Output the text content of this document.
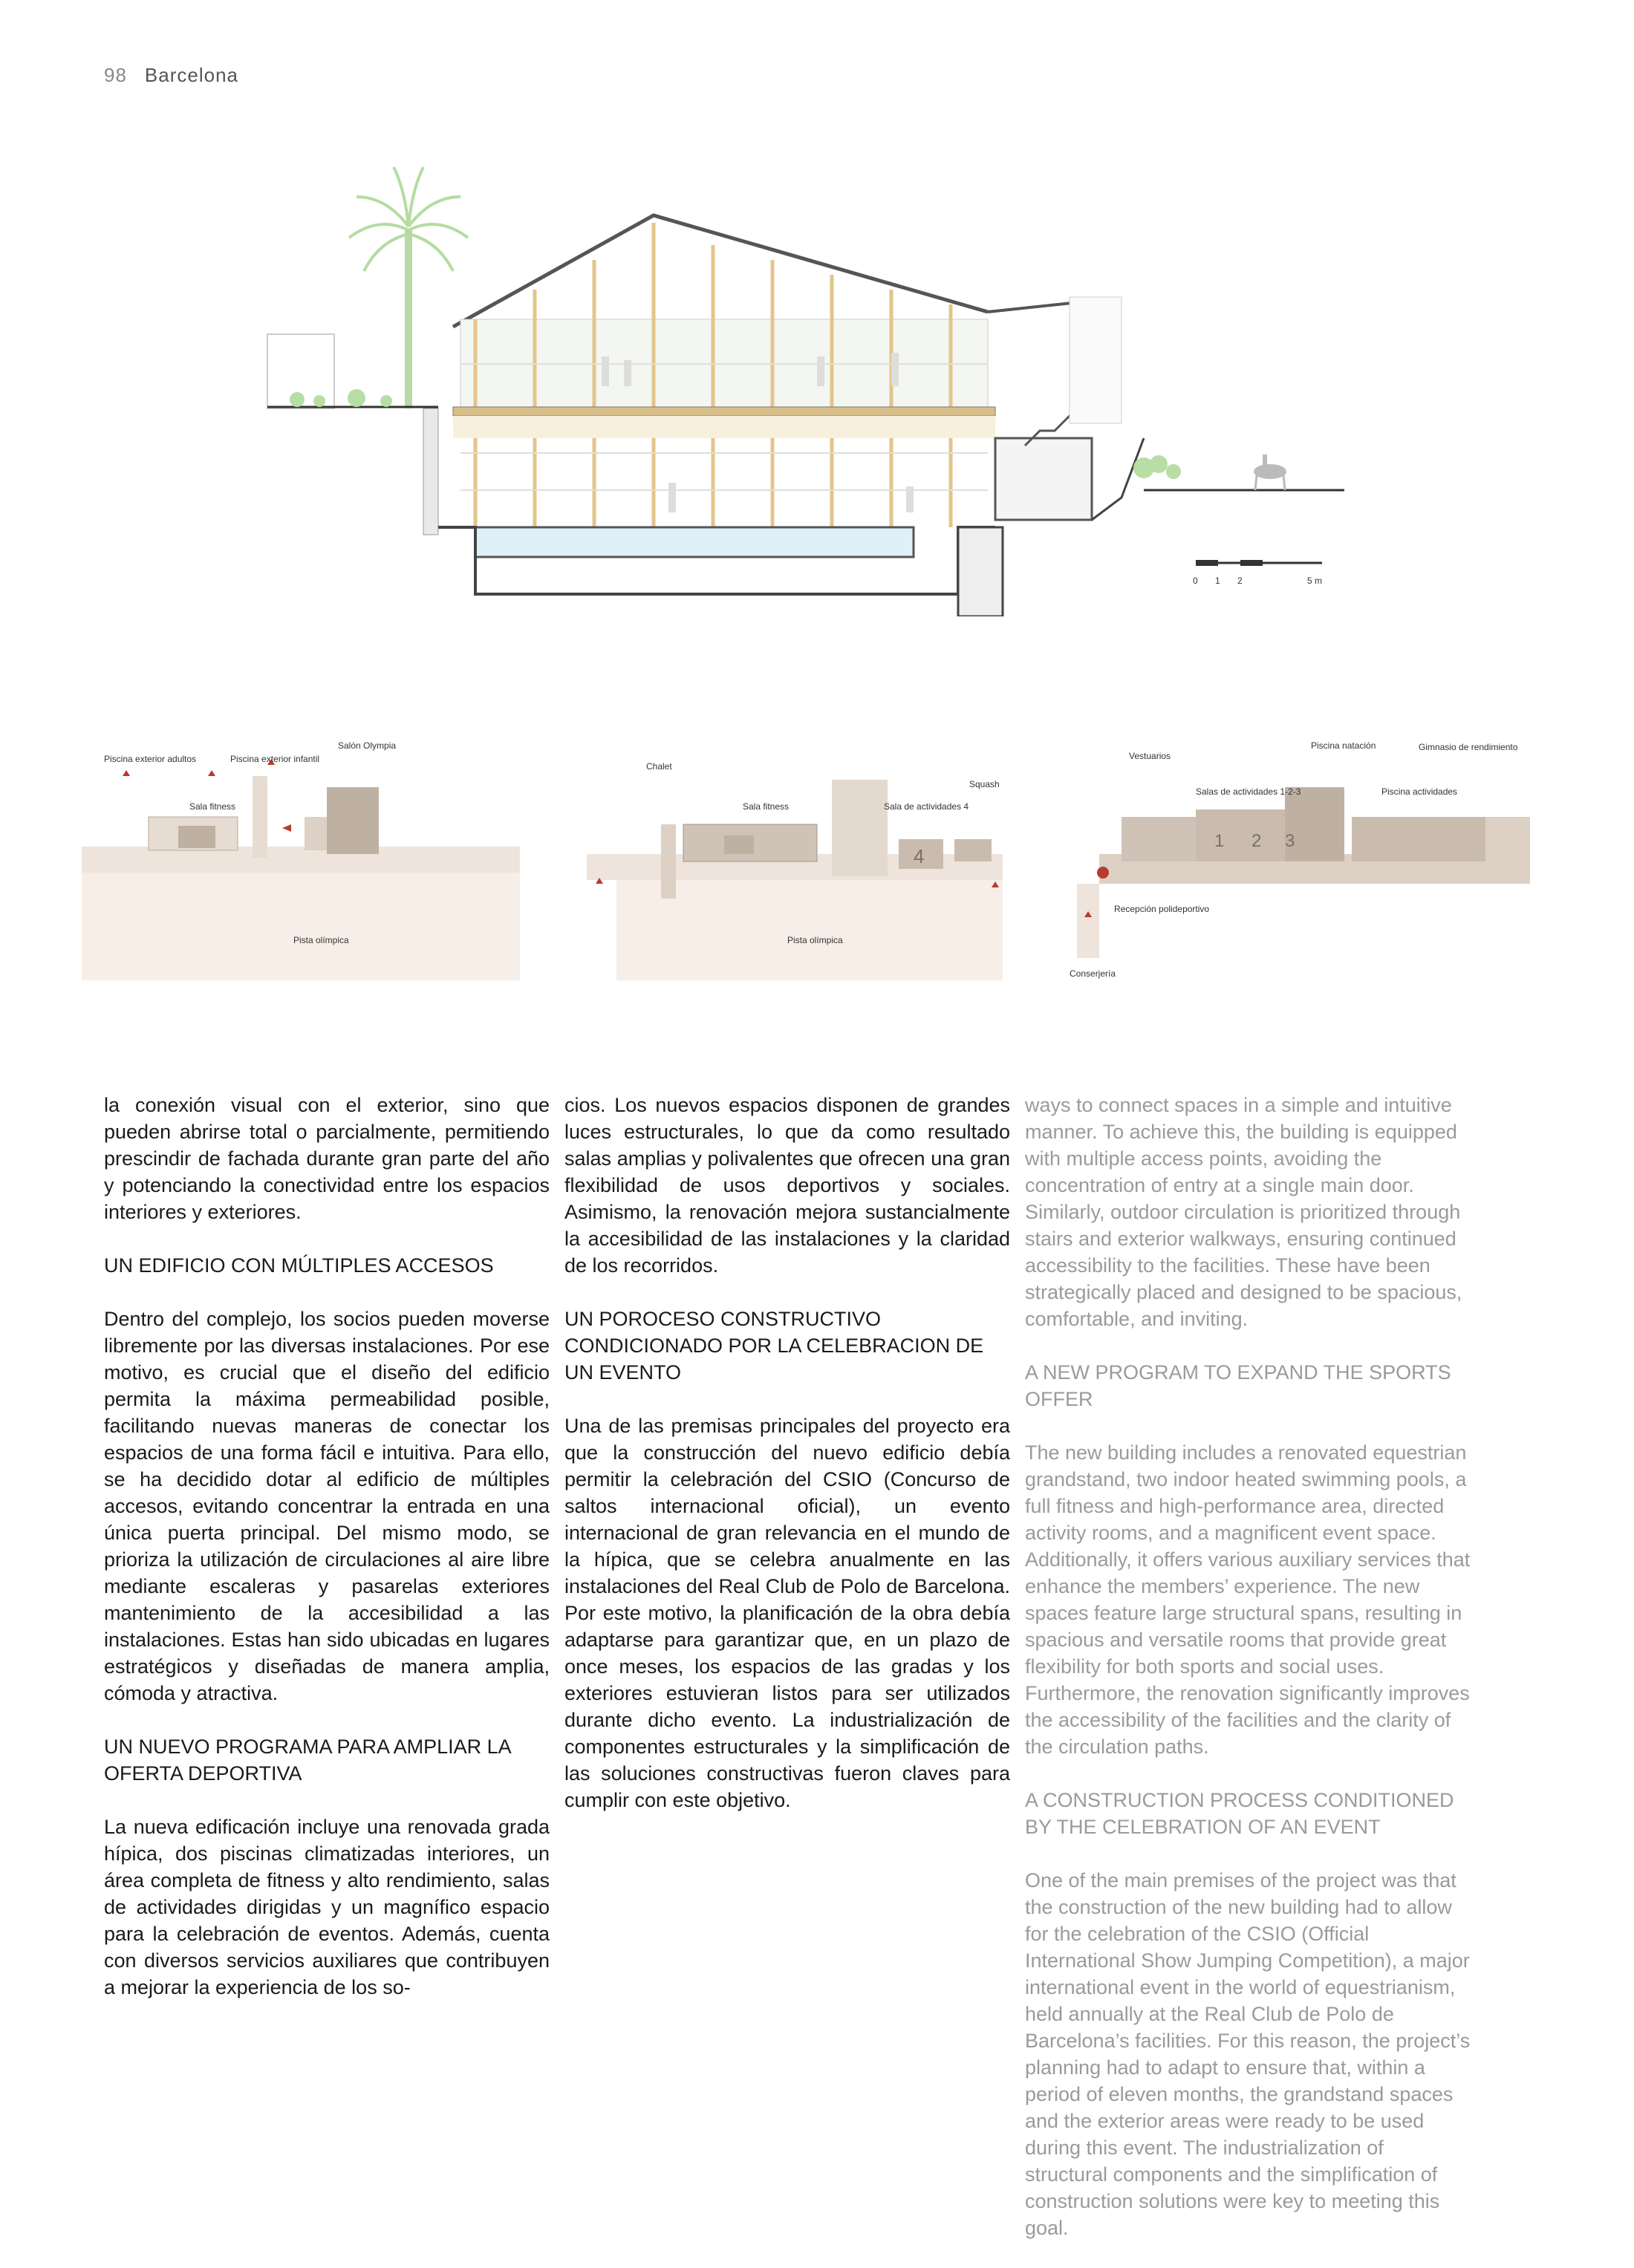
98 Barcelona
0 1 2	5 m
Piscina exterior adultos	Piscina exterior infantil
Salón Olympia
Sala fitness
Pista olímpica
Chalet
Squash
Sala fitness	Sala de actividades 4
Pista olímpica
4
Vestuarios
Piscina natación	Gimnasio de rendimiento
Salas de actividades 1-2-3	Piscina actividades
Recepción polideportivo
Conserjería
1 2 3

la conexión visual con el exterior, sino que pueden abrirse total o parcialmente, permitiendo prescindir de fachada durante gran parte del año y potenciando la conectividad entre los espacios interiores y exteriores.

UN EDIFICIO CON MÚLTIPLES ACCESOS

Dentro del complejo, los socios pueden moverse libremente por las diversas instalaciones. Por ese motivo, es crucial que el diseño del edificio permita la máxima permeabilidad posible, facilitando nuevas maneras de conectar los espacios de una forma fácil e intuitiva. Para ello, se ha decidido dotar al edificio de múltiples accesos, evitando concentrar la entrada en una única puerta principal. Del mismo modo, se prioriza la utilización de circulaciones al aire libre mediante escaleras y pasarelas exteriores mantenimiento de la accesibilidad a las instalaciones. Estas han sido ubicadas en lugares estratégicos y diseñadas de manera amplia, cómoda y atractiva.

UN NUEVO PROGRAMA PARA AMPLIAR LA OFERTA DEPORTIVA

La nueva edificación incluye una renovada grada hípica, dos piscinas climatizadas interiores, un área completa de fitness y alto rendimiento, salas de actividades dirigidas y un magnífico espacio para la celebración de eventos. Además, cuenta con diversos servicios auxiliares que contribuyen a mejorar la experiencia de los so-

cios. Los nuevos espacios disponen de grandes luces estructurales, lo que da como resultado salas amplias y polivalentes que ofrecen una gran flexibilidad de usos deportivos y sociales. Asimismo, la renovación mejora sustancialmente la accesibilidad de las instalaciones y la claridad de los recorridos.

UN POROCESO CONSTRUCTIVO CONDICIONADO POR LA CELEBRACION DE UN EVENTO

Una de las premisas principales del proyecto era que la construcción del nuevo edificio debía permitir la celebración del CSIO (Concurso de saltos internacional oficial), un evento internacional de gran relevancia en el mundo de la hípica, que se celebra anualmente en las instalaciones del Real Club de Polo de Barcelona. Por este motivo, la planificación de la obra debía adaptarse para garantizar que, en un plazo de once meses, los espacios de las gradas y los exteriores estuvieran listos para ser utilizados durante dicho evento. La industrialización de componentes estructurales y la simplificación de las soluciones constructivas fueron claves para cumplir con este objetivo.

ways to connect spaces in a simple and intuitive manner. To achieve this, the building is equipped with multiple access points, avoiding the concentration of entry at a single main door. Similarly, outdoor circulation is prioritized through stairs and exterior walkways, ensuring continued accessibility to the facilities. These have been strategically placed and designed to be spacious, comfortable, and inviting.

A NEW PROGRAM TO EXPAND THE SPORTS OFFER

The new building includes a renovated equestrian grandstand, two indoor heated swimming pools, a full fitness and high-performance area, directed activity rooms, and a magnificent event space. Additionally, it offers various auxiliary services that enhance the members’ experience. The new spaces feature large structural spans, resulting in spacious and versatile rooms that provide great flexibility for both sports and social uses. Furthermore, the renovation significantly improves the accessibility of the facilities and the clarity of the circulation paths.

A CONSTRUCTION PROCESS CONDITIONED BY THE CELEBRATION OF AN EVENT

One of the main premises of the project was that the construction of the new building had to allow for the celebration of the CSIO (Official International Show Jumping Competition), a major international event in the world of equestrianism, held annually at the Real Club de Polo de Barcelona’s facilities. For this reason, the project’s planning had to adapt to ensure that, within a period of eleven months, the grandstand spaces and the exterior areas were ready to be used during this event. The industrialization of structural components and the simplification of construction solutions were key to meeting this goal.
